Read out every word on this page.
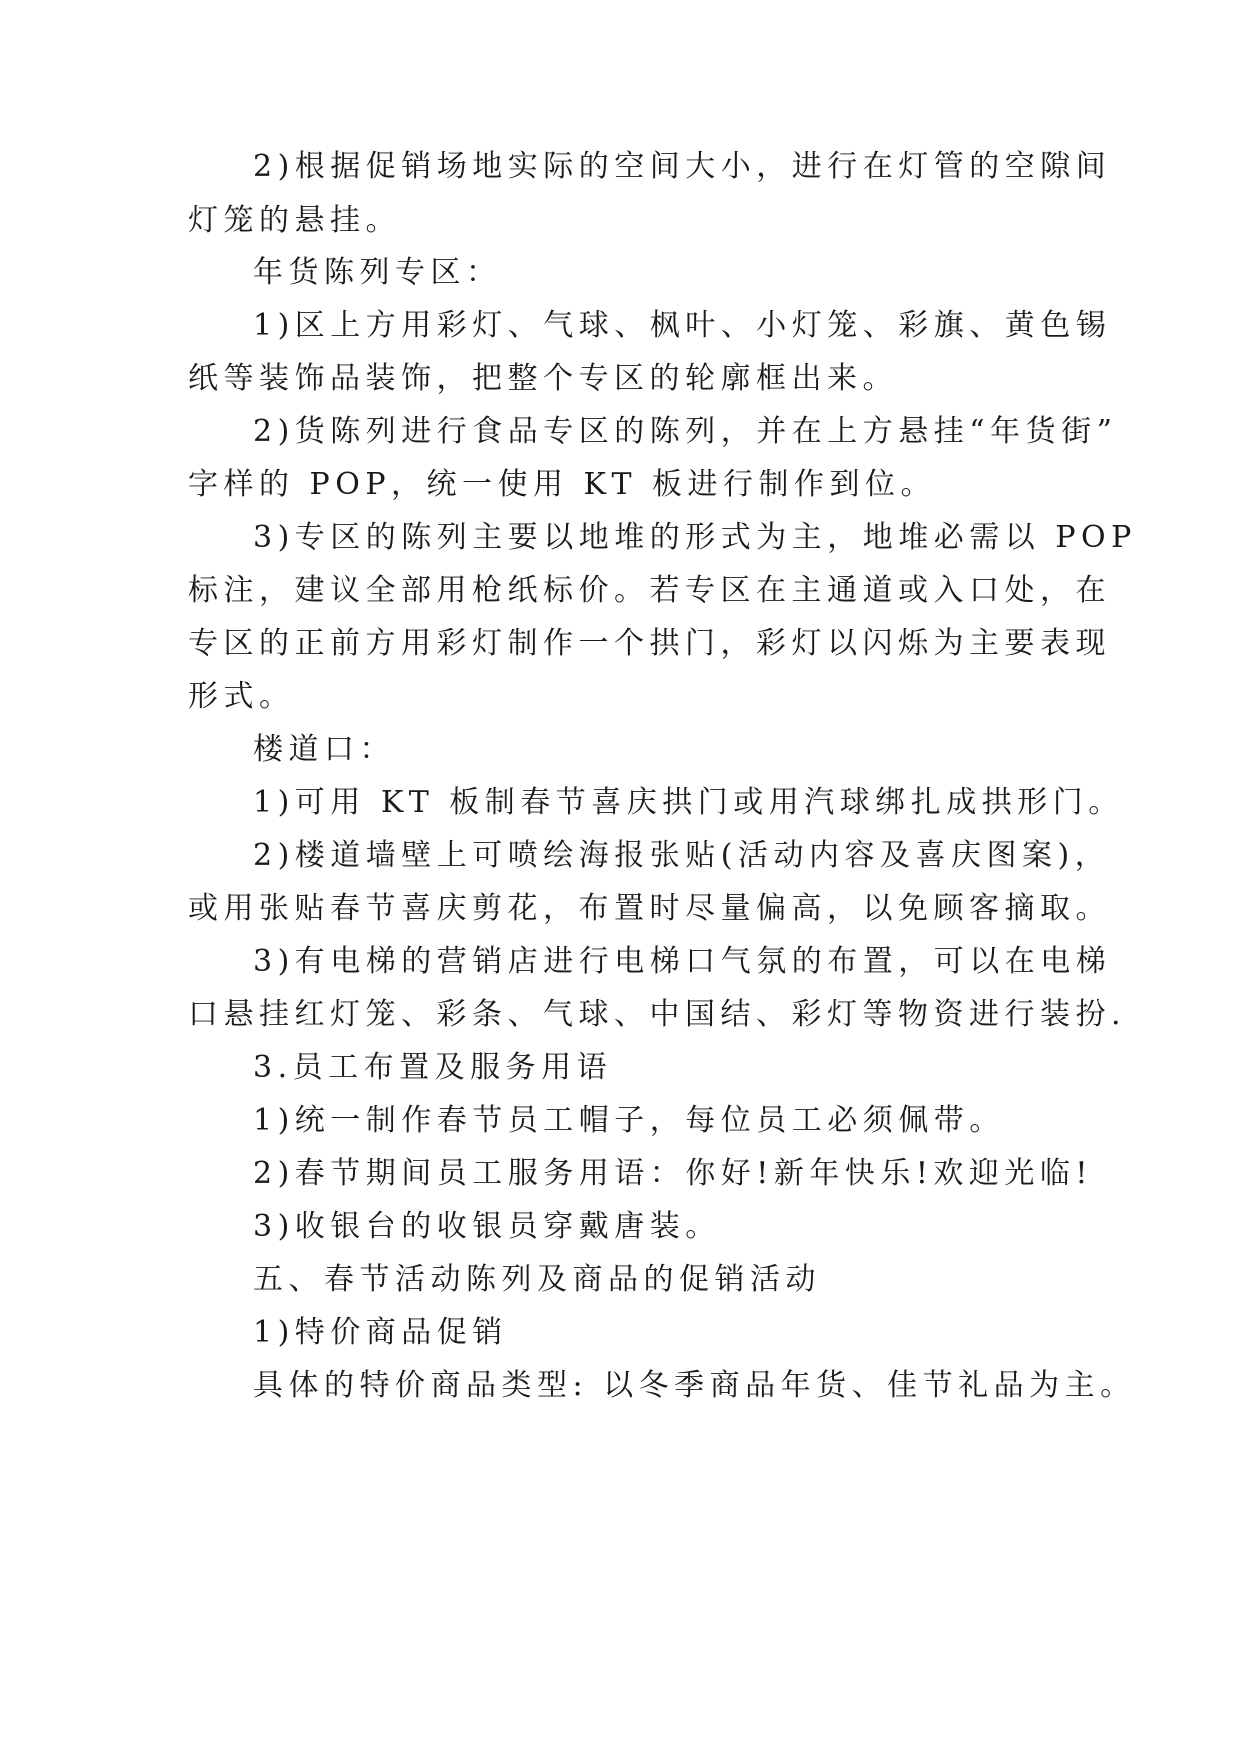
2)根据促销场地实际的空间大小，进行在灯管的空隙间

灯笼的悬挂。

年货陈列专区：

1)区上方用彩灯、气球、枫叶、小灯笼、彩旗、黄色锡

纸等装饰品装饰，把整个专区的轮廓框出来。

2)货陈列进行食品专区的陈列，并在上方悬挂“年货街”

字样的 POP，统一使用 KT 板进行制作到位。

3)专区的陈列主要以地堆的形式为主，地堆必需以 POP

标注，建议全部用枪纸标价。若专区在主通道或入口处，在

专区的正前方用彩灯制作一个拱门，彩灯以闪烁为主要表现

形式。

楼道口：

1)可用 KT 板制春节喜庆拱门或用汽球绑扎成拱形门。

2)楼道墙壁上可喷绘海报张贴(活动内容及喜庆图案)，

或用张贴春节喜庆剪花，布置时尽量偏高，以免顾客摘取。

3)有电梯的营销店进行电梯口气氛的布置，可以在电梯

口悬挂红灯笼、彩条、气球、中国结、彩灯等物资进行装扮.

3.员工布置及服务用语

1)统一制作春节员工帽子，每位员工必须佩带。

2)春节期间员工服务用语：你好!新年快乐!欢迎光临!

3)收银台的收银员穿戴唐装。

五、春节活动陈列及商品的促销活动

1)特价商品促销

具体的特价商品类型: 以冬季商品年货、佳节礼品为主。
